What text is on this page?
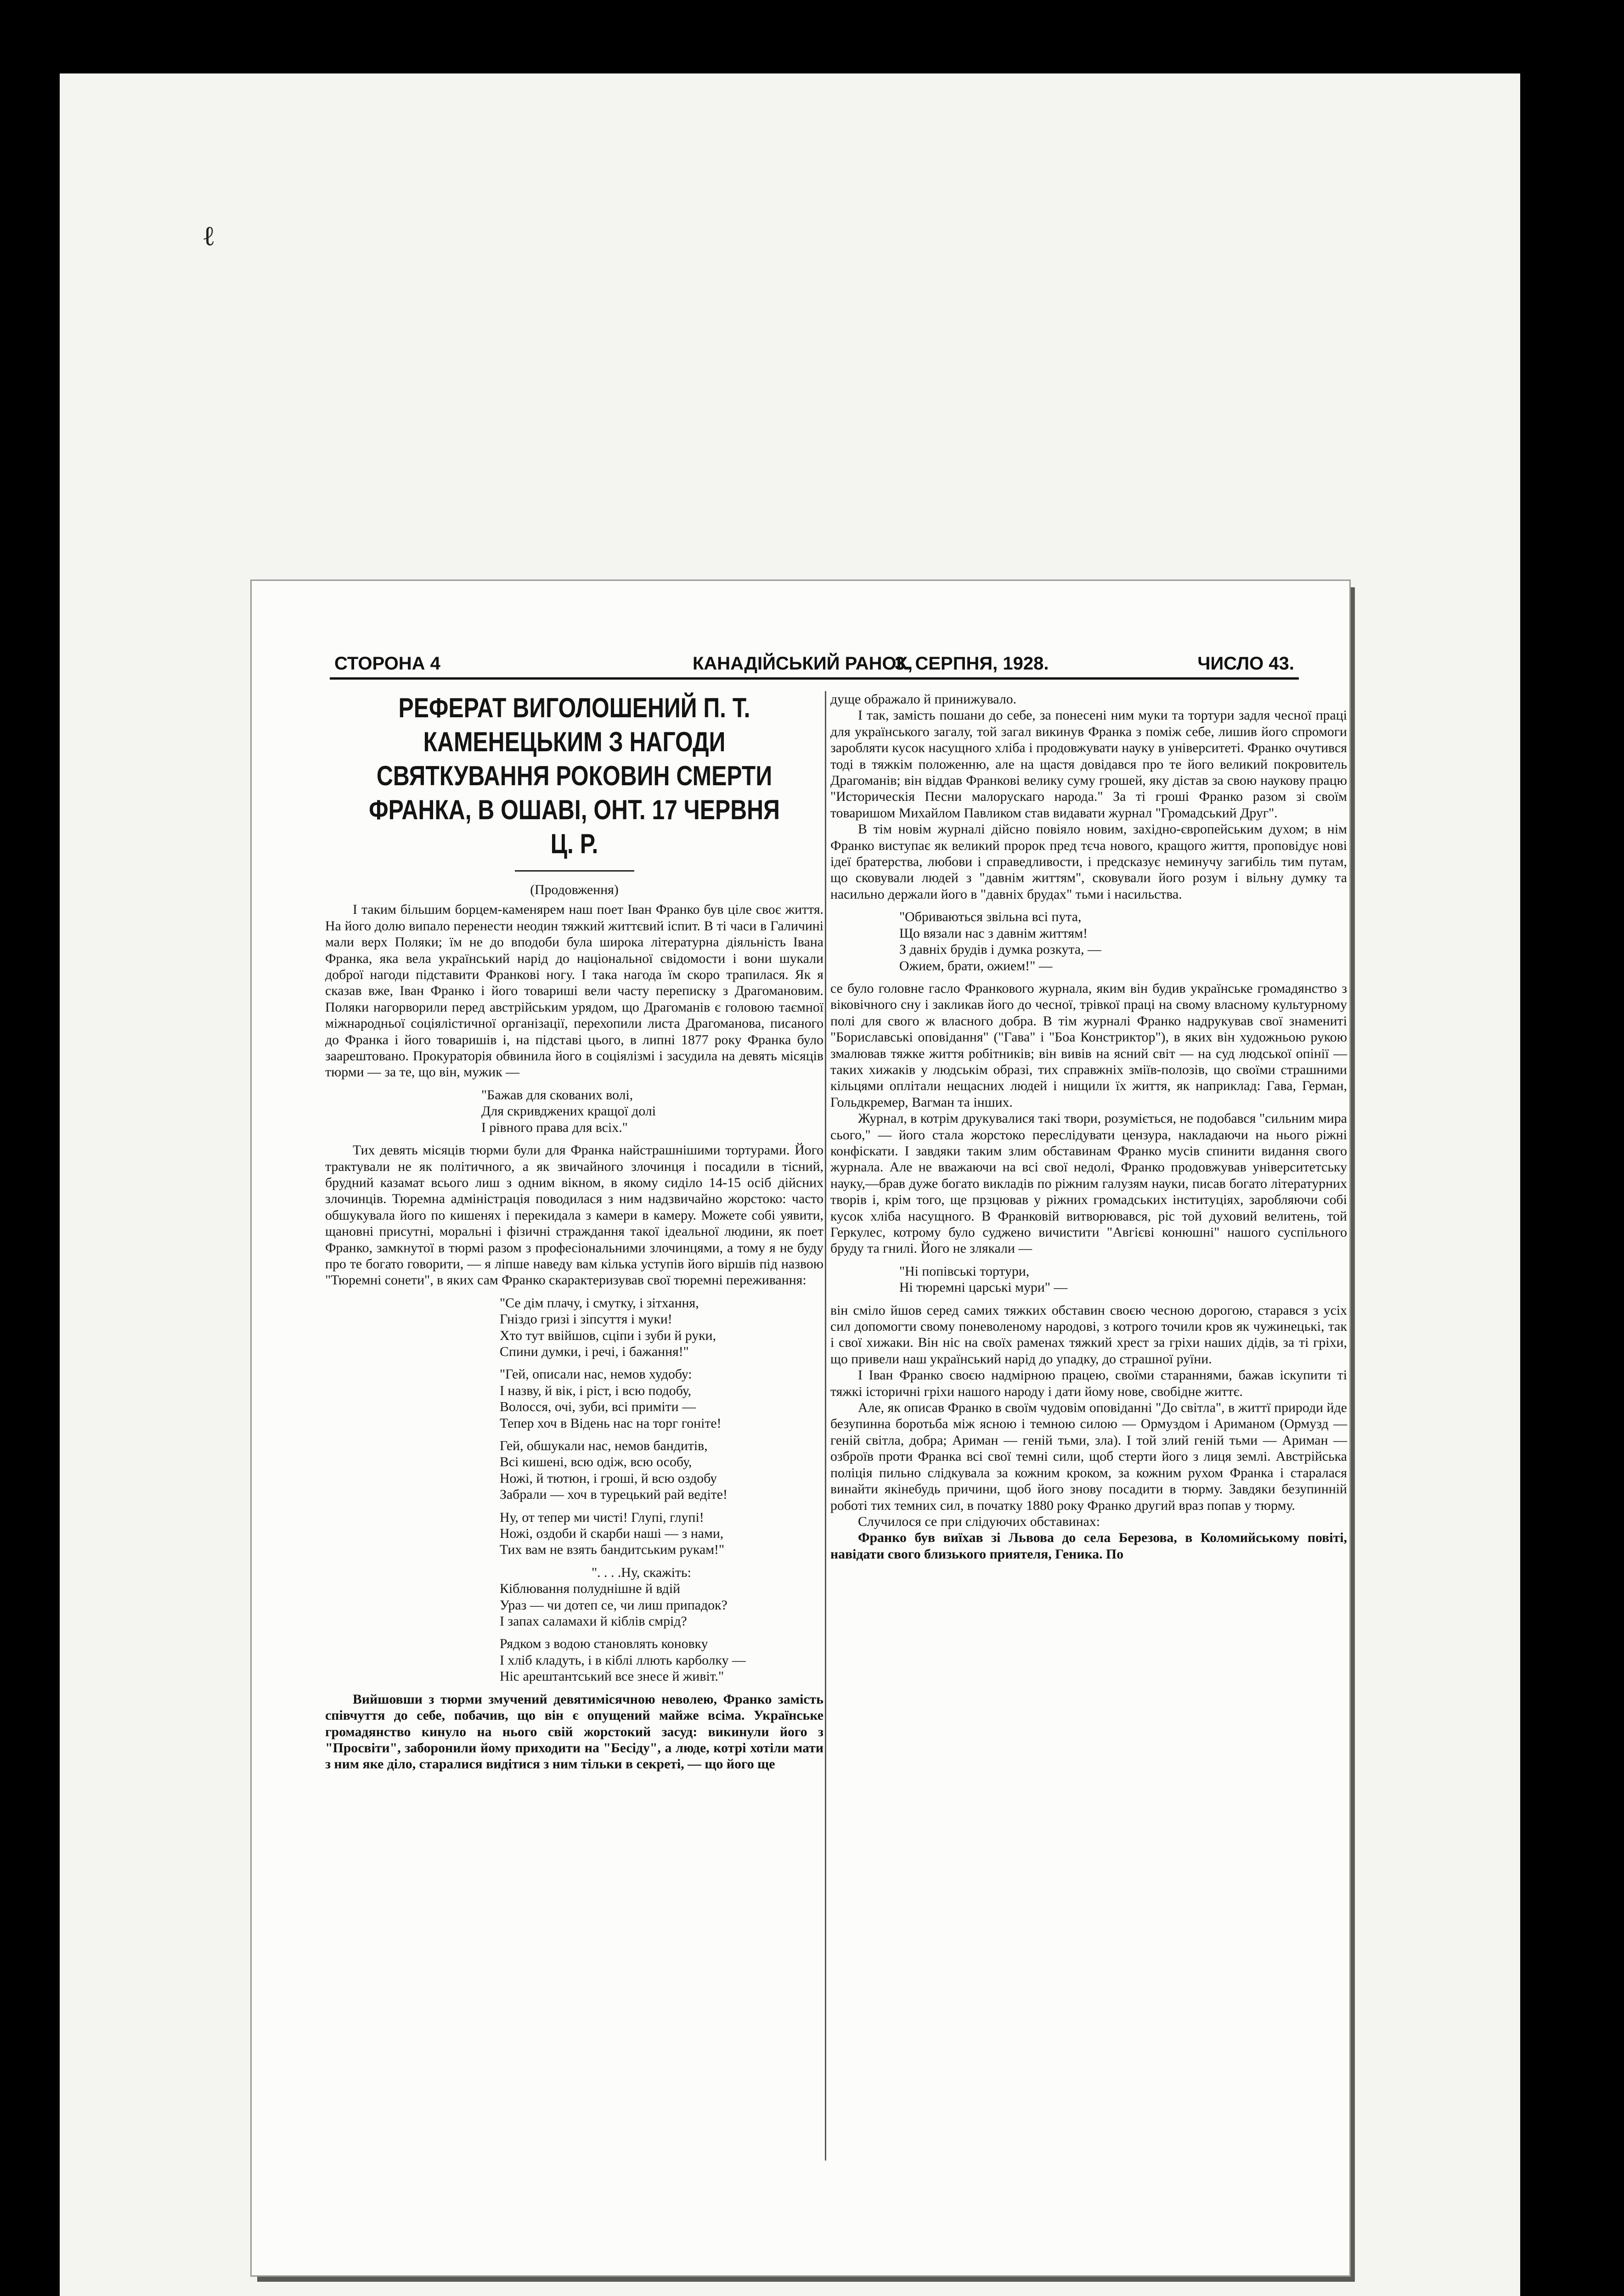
ℓ
СТОРОНА 4	КАНАДІЙСЬКИЙ РАНОК,
3. СЕРПНЯ, 1928.	ЧИСЛО 43.
РЕФЕРАТ ВИГОЛОШЕНИЙ П. Т. КАМЕНЕЦЬКИМ З НАГОДИ СВЯТКУВАННЯ РОКОВИН СМЕРТИ ФРАНКА, В ОШАВІ, ОНТ. 17 ЧЕРВНЯ Ц. Р.
(Продовження)

І таким більшим борцем-каменярем наш поет Іван Франко був ціле своє життя. На його долю випало перенести неодин тяжкий життєвий іспит. В ті часи в Галичині мали верх Поляки; їм не до вподоби була широка літературна діяльність Івана Франка, яка вела український нарід до національної свідомости і вони шукали доброї нагоди підставити Франкові ногу. І така нагода їм скоро трапилася. Як я сказав вже, Іван Франко і його товариші вели часту переписку з Драгомановим. Поляки нагорворили перед австрійським урядом, що Драгоманів є головою таємної міжнародньої соціялістичної організації, перехопили листа Драгоманова, писаного до Франка і його товаришів і, на підставі цього, в липні 1877 року Франка було заарештовано. Прокураторія обвинила його в соціялізмі і засудила на девять місяців тюрми — за те, що він, мужик —

"Бажав для скованих волі,
Для скривджених кращої долі
І рівного права для всіх."

Тих девять місяців тюрми були для Франка найстрашнішими тортурами. Його трактували не як політичного, а як звичайного злочинця і посадили в тісний, брудний казамат всього лиш з одним вікном, в якому сиділо 14-15 осіб дійсних злочинців. Тюремна адміністрація поводилася з ним надзвичайно жорстоко: часто обшукувала його по кишенях і перекидала з камери в камеру. Можете собі уявити, щановні присутні, моральні і фізичні страждання такої ідеальної людини, як поет Франко, замкнутої в тюрмі разом з професіональними злочинцями, а тому я не буду про те богато говорити, — я ліпше наведу вам кілька уступів його віршів під назвою "Тюремні сонети", в яких сам Франко скарактеризував свої тюремні переживання:

"Се дім плачу, і смутку, і зітхання,
Гніздо гризі і зіпсуття і муки!
Хто тут ввійшов, сціпи і зуби й руки,
Спини думки, і речі, і бажання!"
"Гей, описали нас, немов худобу:
І назву, й вік, і ріст, і всю подобу,
Волосся, очі, зуби, всі приміти —
Тепер хоч в Відень нас на торг гоніте!
Гей, обшукали нас, немов бандитів,
Всі кишені, всю одіж, всю особу,
Ножі, й тютюн, і гроші, й всю оздобу
Забрали — хоч в турецький рай ведіте!
Ну, от тепер ми чисті! Глупі, глупі!
Ножі, оздоби й скарби наші — з нами,
Тих вам не взять бандитським рукам!"
". . . .Ну, скажіть:
Кіблювання полуднішне й вдій
Ураз — чи дотеп се, чи лиш припадок?
І запах саламахи й кіблів смрід?
Рядком з водою становлять коновку
І хліб кладуть, і в кіблі ллють карболку —
Ніс арештантський все знесе й живіт."

Вийшовши з тюрми змучений девятимісячною неволею, Франко замість співчуття до себе, побачив, що він є опущений майже всіма. Українське громадянство кинуло на нього свій жорстокий засуд: викинули його з "Просвіти", заборонили йому приходити на "Бесіду", а люде, котрі хотіли мати з ним яке діло, старалися видітися з ним тільки в секреті, — що його ще

дуще ображало й принижувало.

І так, замість пошани до себе, за понесені ним муки та тортури задля чесної праці для українського загалу, той загал викинув Франка з поміж себе, лишив його спромоги заробляти кусок насущного хліба і продовжувати науку в університеті. Франко очутився тоді в тяжкім положенню, але на щастя довідався про те його великий покровитель Драгоманів; він віддав Франкові велику суму грошей, яку дістав за свою наукову працю "Историческія Песни малорускаго народа." За ті гроші Франко разом зі своїм товаришом Михайлом Павликом став видавати журнал "Громадський Друг".

В тім новім журналі дійсно повіяло новим, західно-європейським духом; в нім Франко виступає як великий пророк пред тєча нового, кращого життя, проповідує нові ідеї братерства, любови і справедливости, і предсказує неминучу загибіль тим путам, що сковували людей з "давнім життям", сковували його розум і вільну думку та насильно держали його в "давніх брудах" тьми і насильства.

"Обриваються звільна всі пута,
Що вязали нас з давнім життям!
З давніх брудів і думка розкута, —
Ожием, брати, ожием!" —

се було головне гасло Франкового журнала, яким він будив українське громадянство з віковічного сну і закликав його до чесної, трівкої праці на свому власному культурному полі для свого ж власного добра. В тім журналі Франко надрукував свої знамениті "Бориславські оповідання" ("Гава" і "Боа Констриктор"), в яких він художньою рукою змалював тяжке життя робітників; він вивів на ясний світ — на суд людської опінії — таких хижаків у людськім образі, тих справжніх зміїв-полозів, що своїми страшними кільцями оплітали нещасних людей і нищили їх життя, як наприклад: Гава, Герман, Гольдкремер, Вагман та інших.

Журнал, в котрім друкувалися такі твори, розуміється, не подобався "сильним мира сього," — його стала жорстоко переслідувати цензура, накладаючи на нього ріжні конфіскати. І завдяки таким злим обставинам Франко мусів спинити видання свого журнала. Але не вважаючи на всі свої недолі, Франко продовжував університетську науку,—брав дуже богато викладів по ріжним галузям науки, писав богато літературних творів і, крім того, ще прзцював у ріжних громадських інституціях, заробляючи собі кусок хліба насущного. В Франковій витворювався, ріс той духовий велитень, той Геркулес, котрому було суджено вичистити "Авгієві конюшні" нашого суспільного бруду та гнилі. Його не злякали —

"Ні попівські тортури,
Ні тюремні царські мури" —

він сміло йшов серед самих тяжких обставин своєю чесною дорогою, старався з усіх сил допомогти свому поневоленому народові, з котрого точили кров як чужинецькі, так і свої хижаки. Він ніс на своїх раменах тяжкий хрест за гріхи наших дідів, за ті гріхи, що привели наш український нарід до упадку, до страшної руїни.

І Іван Франко своєю надмірною працею, своїми стараннями, бажав іскупити ті тяжкі історичні гріхи нашого народу і дати йому нове, свобідне життє.

Але, як описав Франко в своїм чудовім оповіданні "До світла", в життї природи йде безупинна боротьба між ясною і темною силою — Ормуздом і Ариманом (Ормузд — геній світла, добра; Ариман — геній тьми, зла). І той злий геній тьми — Ариман — озброїв проти Франка всі свої темні сили, щоб стерти його з лиця землі. Австрійська поліція пильно слідкувала за кожним кроком, за кожним рухом Франка і старалася винайти якінебудь причини, щоб його знову посадити в тюрму. Завдяки безупинній роботі тих темних сил, в початку 1880 року Франко другий враз попав у тюрму.

Случилося се при слідуючих обставинах:

Франко був виїхав зі Львова до села Березова, в Коломийському повіті, навідати свого близького приятеля, Геника. По
